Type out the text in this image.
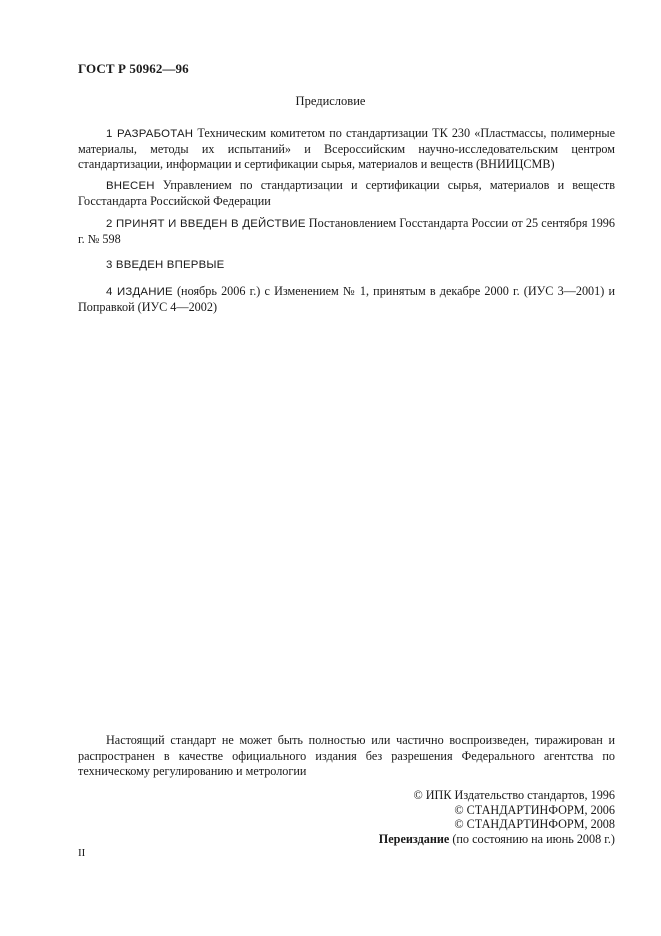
ГОСТ Р 50962—96
Предисловие
1 РАЗРАБОТАН Техническим комитетом по стандартизации ТК 230 «Пластмассы, полимерные материалы, методы их испытаний» и Всероссийским научно-исследовательским центром стандартизации, информации и сертификации сырья, материалов и веществ (ВНИИЦСМВ)
ВНЕСЕН Управлением по стандартизации и сертификации сырья, материалов и веществ Госстандарта Российской Федерации
2 ПРИНЯТ И ВВЕДЕН В ДЕЙСТВИЕ Постановлением Госстандарта России от 25 сентября 1996 г. № 598
3 ВВЕДЕН ВПЕРВЫЕ
4 ИЗДАНИЕ (ноябрь 2006 г.) с Изменением № 1, принятым в декабре 2000 г. (ИУС 3—2001) и Поправкой (ИУС 4—2002)
Настоящий стандарт не может быть полностью или частично воспроизведен, тиражирован и распространен в качестве официального издания без разрешения Федерального агентства по техническому регулированию и метрологии
© ИПК Издательство стандартов, 1996
© СТАНДАРТИНФОРМ, 2006
© СТАНДАРТИНФОРМ, 2008
Переиздание (по состоянию на июнь 2008 г.)
II
